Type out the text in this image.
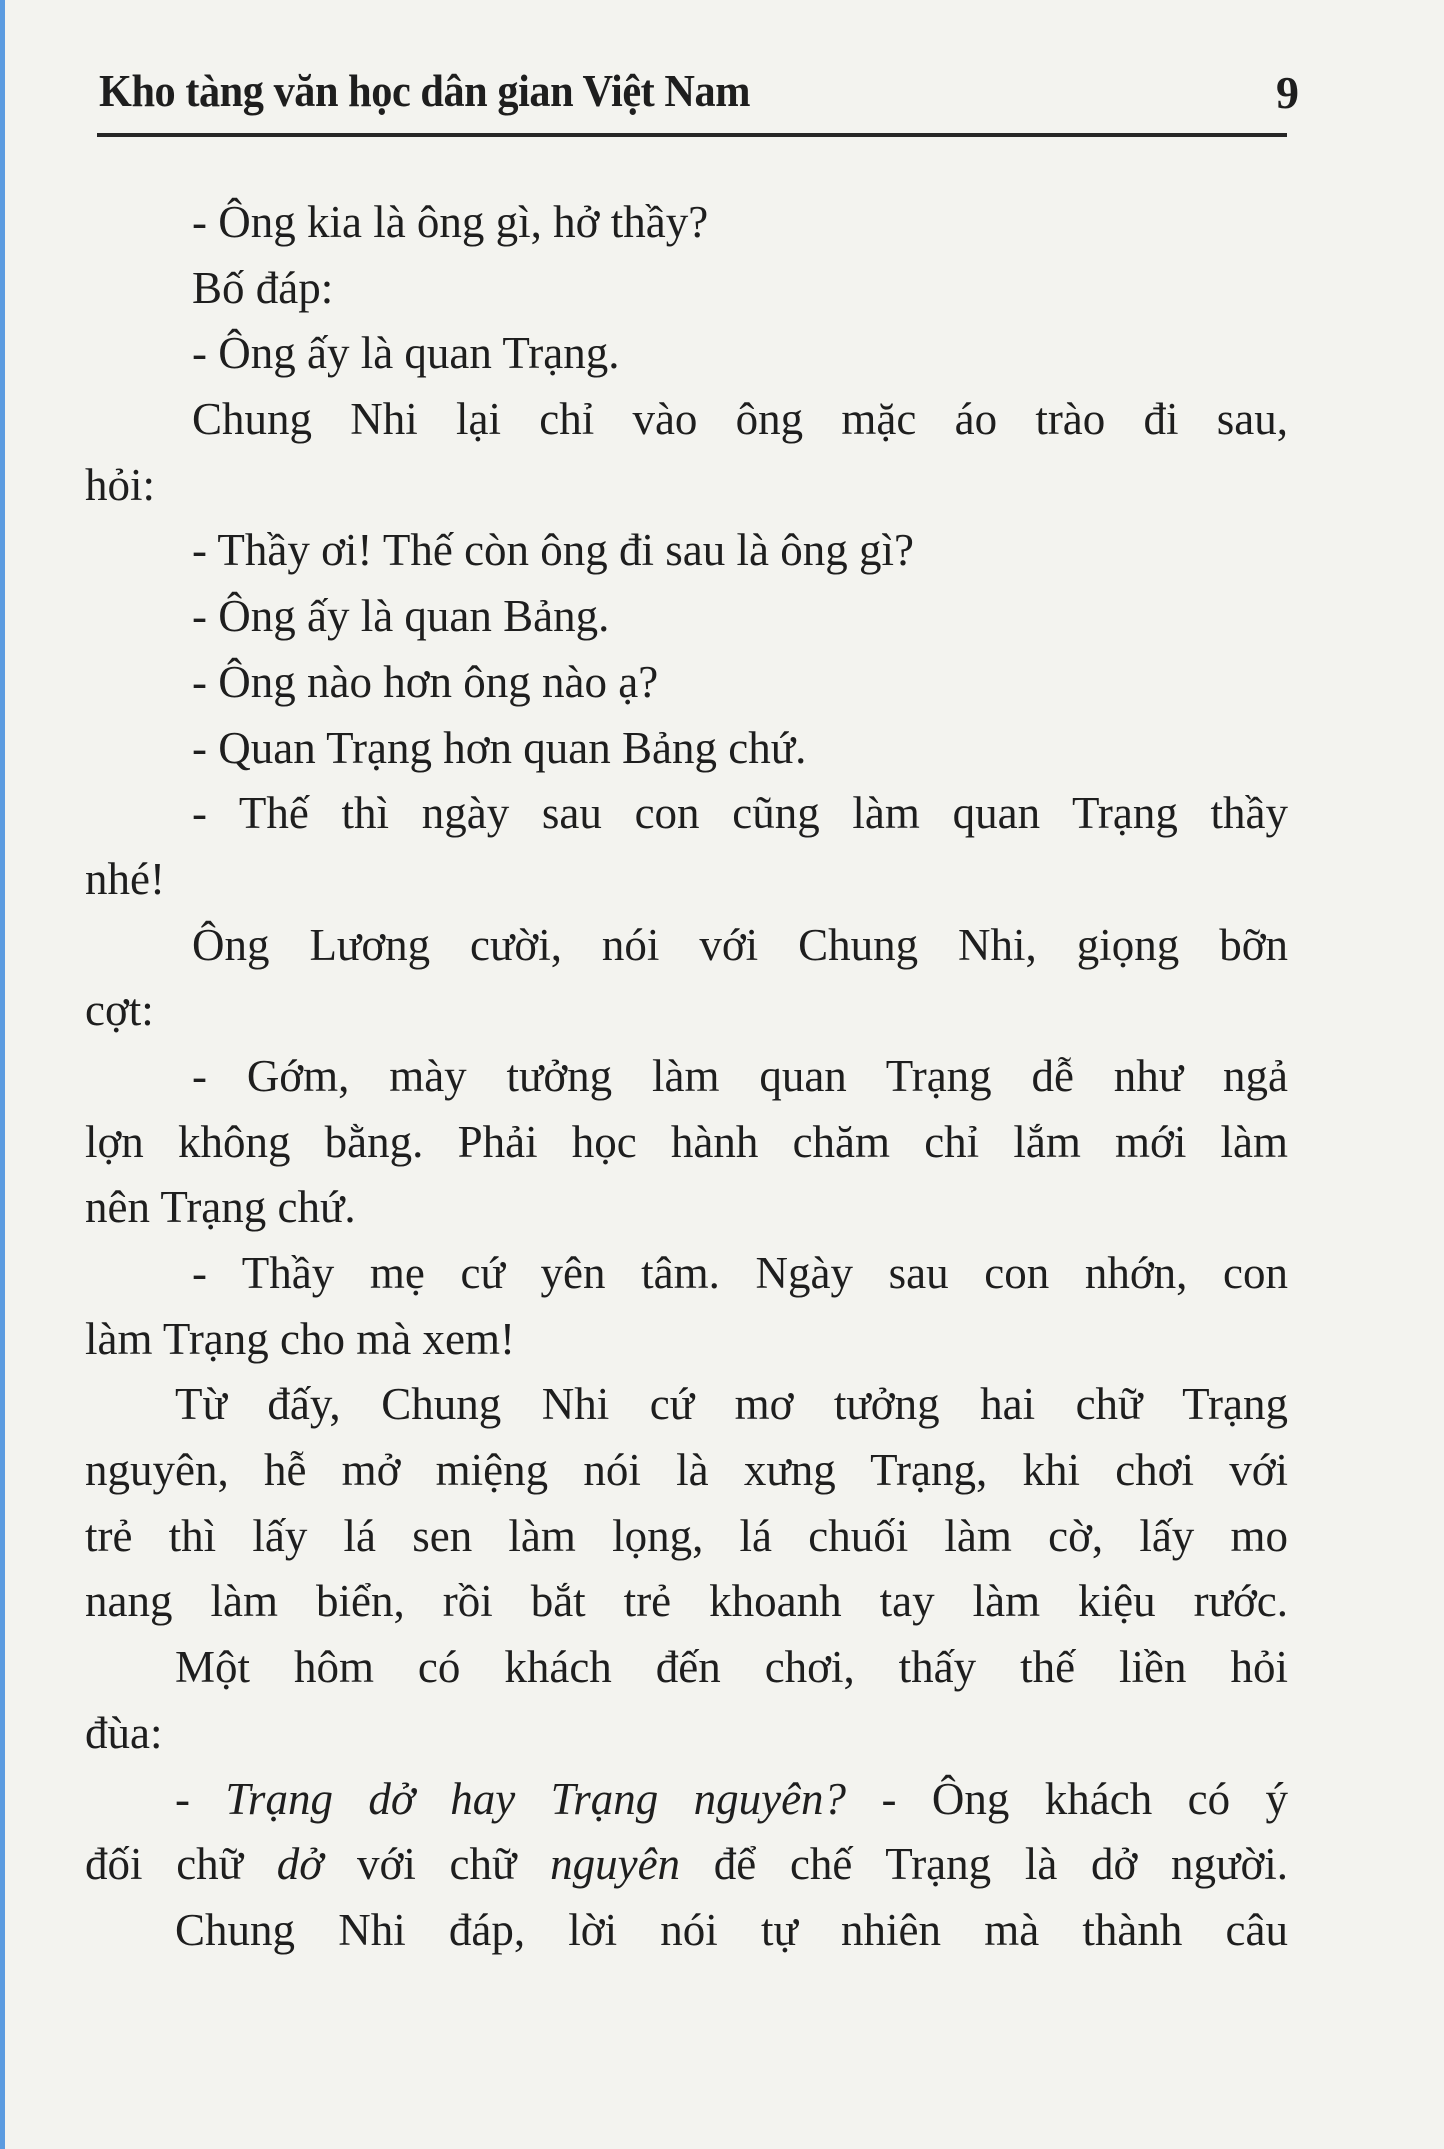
Kho tàng văn học dân gian Việt Nam	9
- Ông kia là ông gì, hở thầy?
Bố đáp:
- Ông ấy là quan Trạng.
Chung Nhi lại chỉ vào ông mặc áo trào đi sau,
hỏi:
- Thầy ơi! Thế còn ông đi sau là ông gì?
- Ông ấy là quan Bảng.
- Ông nào hơn ông nào ạ?
- Quan Trạng hơn quan Bảng chứ.
- Thế thì ngày sau con cũng làm quan Trạng thầy
nhé!
Ông Lương cười, nói với Chung Nhi, giọng bỡn
cợt:
- Gớm, mày tưởng làm quan Trạng dễ như ngả
lợn không bằng. Phải học hành chăm chỉ lắm mới làm
nên Trạng chứ.
- Thầy mẹ cứ yên tâm. Ngày sau con nhớn, con
làm Trạng cho mà xem!
Từ đấy, Chung Nhi cứ mơ tưởng hai chữ Trạng
nguyên, hễ mở miệng nói là xưng Trạng, khi chơi với
trẻ thì lấy lá sen làm lọng, lá chuối làm cờ, lấy mo
nang làm biển, rồi bắt trẻ khoanh tay làm kiệu rước.
Một hôm có khách đến chơi, thấy thế liền hỏi
đùa:
- Trạng dở hay Trạng nguyên? - Ông khách có ý
đối chữ dở với chữ nguyên để chế Trạng là dở người.
Chung Nhi đáp, lời nói tự nhiên mà thành câu
